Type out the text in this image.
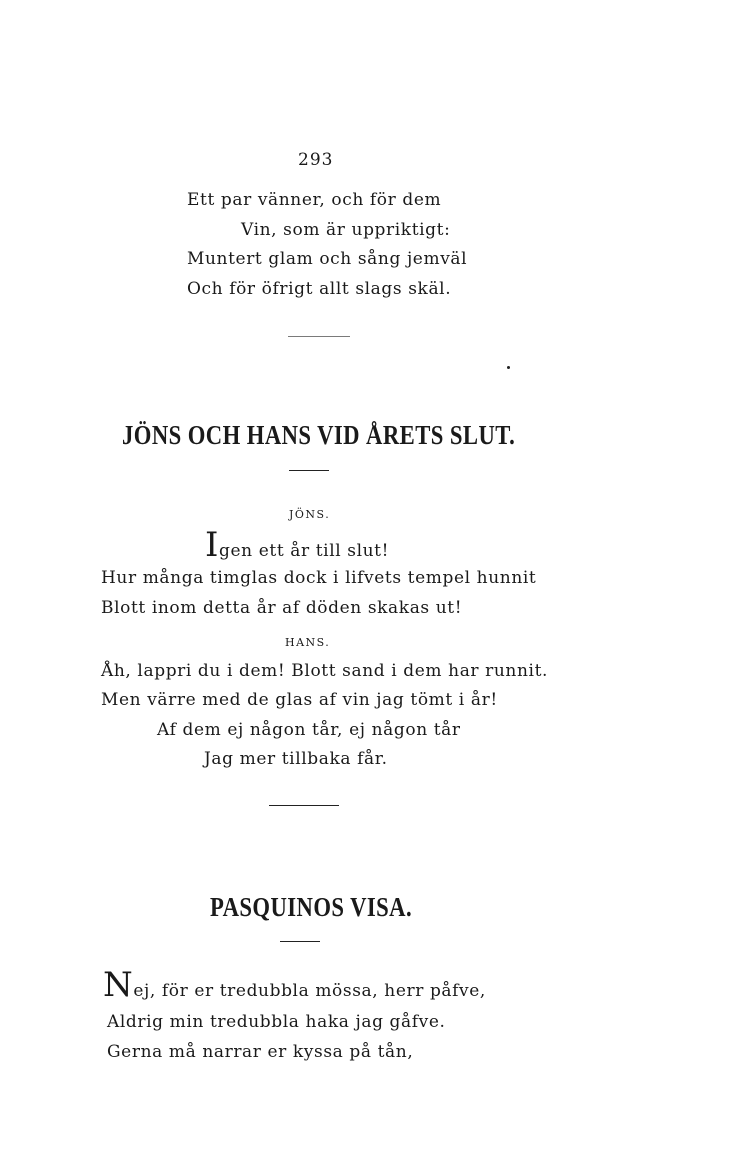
293
Ett par vänner, och för dem
Vin, som är uppriktigt:
Muntert glam och sång jemväl
Och för öfrigt allt slags skäl.
JÖNS OCH HANS VID ÅRETS SLUT.
JÖNS.
Igen ett år till slut!
Hur många timglas dock i lifvets tempel hunnit
Blott inom detta år af döden skakas ut!
HANS.
Åh, lappri du i dem! Blott sand i dem har runnit.
Men värre med de glas af vin jag tömt i år!
Af dem ej någon tår, ej någon tår
Jag mer tillbaka får.
PASQUINOS VISA.
Nej, för er tredubbla mössa, herr påfve,
Aldrig min tredubbla haka jag gåfve.
Gerna må narrar er kyssa på tån,
